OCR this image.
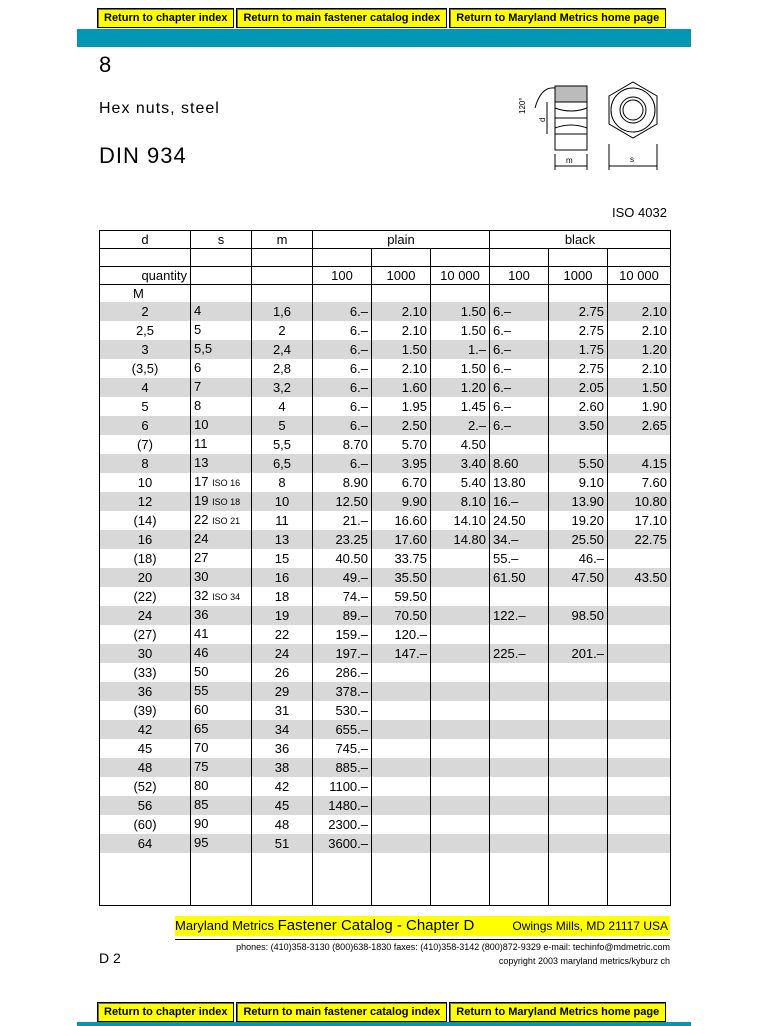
Return to chapter index	Return to main fastener catalog index	Return to Maryland Metrics home page
8
Hex nuts, steel
DIN 934
ISO 4032
120°
d
m	s
d	s	m	plain			black		

quantity			100	1000	10 000	100	1000	10 000
M								
2	4	1,6	6.–	2.10	1.50	6.–	2.75	2.10
2,5	5	2	6.–	2.10	1.50	6.–	2.75	2.10
3	5,5	2,4	6.–	1.50	1.–	6.–	1.75	1.20
(3,5)	6	2,8	6.–	2.10	1.50	6.–	2.75	2.10
4	7	3,2	6.–	1.60	1.20	6.–	2.05	1.50
5	8	4	6.–	1.95	1.45	6.–	2.60	1.90
6	10	5	6.–	2.50	2.–	6.–	3.50	2.65
(7)	11	5,5	8.70	5.70	4.50			
8	13	6,5	6.–	3.95	3.40	8.60	5.50	4.15
10	17 ISO 16	8	8.90	6.70	5.40	13.80	9.10	7.60
12	19 ISO 18	10	12.50	9.90	8.10	16.–	13.90	10.80
(14)	22 ISO 21	11	21.–	16.60	14.10	24.50	19.20	17.10
16	24	13	23.25	17.60	14.80	34.–	25.50	22.75
(18)	27	15	40.50	33.75		55.–	46.–	
20	30	16	49.–	35.50		61.50	47.50	43.50
(22)	32 ISO 34	18	74.–	59.50				
24	36	19	89.–	70.50		122.–	98.50	
(27)	41	22	159.–	120.–				
30	46	24	197.–	147.–		225.–	201.–	
(33)	50	26	286.–					
36	55	29	378.–					
(39)	60	31	530.–					
42	65	34	655.–					
45	70	36	745.–					
48	75	38	885.–					
(52)	80	42	1100.–					
56	85	45	1480.–					
(60)	90	48	2300.–					
64	95	51	3600.–					

Maryland Metrics Fastener Catalog - Chapter D	Owings Mills, MD 21117 USA
phones: (410)358-3130 (800)638-1830 faxes: (410)358-3142 (800)872-9329 e-mail: techinfo@mdmetric.com
copyright 2003 maryland metrics/kyburz ch
D 2
Return to chapter index	Return to main fastener catalog index	Return to Maryland Metrics home page
